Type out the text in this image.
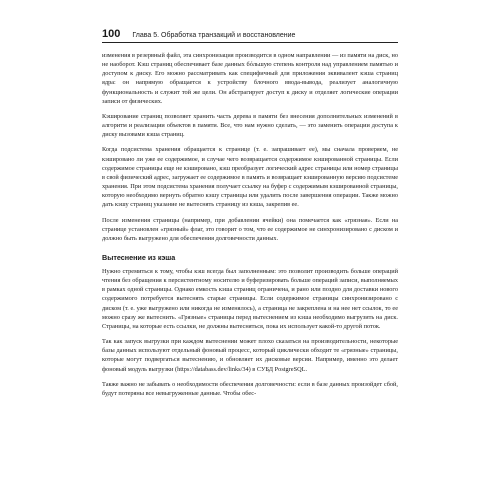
100 Глава 5. Обработка транзакций и восстановление

изменения в резервный файл, эта синхронизация производится в одном направлении — из памяти на диск, но не наоборот. Кэш страниц обеспечивает базе данных бóльшую степень контроля над управлением памятью и доступом к диску. Его можно рассматривать как специфичный для приложения эквивалент кэша страниц ядра: он напрямую обращается к устройству блочного ввода-вывода, реализует аналогичную функциональность и служит той же цели. Он абстрагирует доступ к диску и отделяет логические операции записи от физических.

Кэширование страниц позволяет хранить часть дерева в памяти без внесения дополнительных изменений в алгоритм и реализации объектов в памяти. Все, что нам нужно сделать, — это заменить операции доступа к диску вызовами кэша страниц.

Когда подсистема хранения обращается к странице (т. е. запрашивает ее), мы сначала проверяем, не кэшировано ли уже ее содержимое, и случае чего возвращается содержимое кэшированной страницы. Если содержимое страницы еще не кэшировано, кэш преобразует логический адрес страницы или номер страницы в свой физический адрес, загружает ее содержимое в память и возвращает кэшированную версию подсистеме хранения. При этом подсистема хранения получает ссылку на буфер с содержимым кэшированной страницы, которую необходимо вернуть обратно кэшу страницы или удалить после завершения операции. Также можно дать кэшу страниц указание не вытеснять страницу из кэша, закрепив ее.

После изменения страницы (например, при добавлении ячейки) она помечается как «грязная». Если на странице установлен «грязный» флаг, это говорит о том, что ее содержимое не синхронизировано с диском и должно быть выгружено для обеспечения долговечности данных.

Вытеснение из кэша

Нужно стремиться к тому, чтобы кэш всегда был заполненным: это позволит производить больше операций чтения без обращения к персистентному носителю и буферизировать больше операций записи, выполняемых в рамках одной страницы. Однако емкость кэша страниц ограничена, и рано или поздно для доставки нового содержимого потребуется вытеснять старые страницы. Если содержимое страницы синхронизировано с диском (т. е. уже выгружено или никогда не изменялось), а страница не закреплена и на нее нет ссылок, то ее можно сразу же вытеснить. «Грязные» страницы перед вытеснением из кэша необходимо выгрузить на диск. Страницы, на которые есть ссылки, не должны вытесняться, пока их использует какой-то другой поток.

Так как запуск выгрузки при каждом вытеснении может плохо сказаться на производительности, некоторые базы данных используют отдельный фоновый процесс, который циклически обходит те «грязные» страницы, которые могут подвергаться вытеснению, и обновляет их дисковые версии. Например, именно это делает фоновый модуль выгрузки (https://databass.dev/links/34) в СУБД PostgreSQL.

Также важно не забывать о необходимости обеспечения долговечности: если в базе данных произойдет сбой, будут потеряны все невыгруженные данные. Чтобы обес-
